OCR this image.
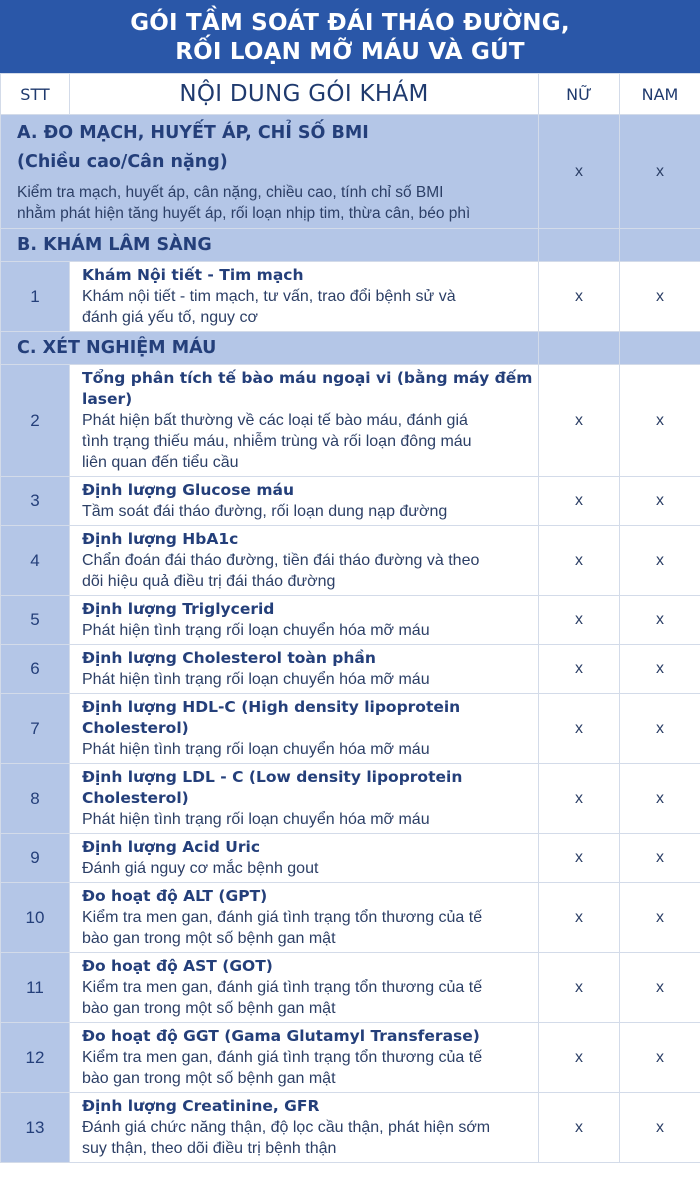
GÓI TẦM SOÁT ĐÁI THÁO ĐƯỜNG,
RỐI LOẠN MỠ MÁU VÀ GÚT
STT	NỘI DUNG GÓI KHÁM	NỮ	NAM

A. ĐO MẠCH, HUYẾT ÁP, CHỈ SỐ BMI
(Chiều cao/Cân nặng)
Kiểm tra mạch, huyết áp, cân nặng, chiều cao, tính chỉ số BMI
nhằm phát hiện tăng huyết áp, rối loạn nhịp tim, thừa cân, béo phì		x	x

B. KHÁM LÂM SÀNG			

1	Khám Nội tiết - Tim mạch
Khám nội tiết - tim mạch, tư vấn, trao đổi bệnh sử và
đánh giá yếu tố, nguy cơ	x	x

C. XÉT NGHIỆM MÁU			

2	Tổng phân tích tế bào máu ngoại vi (bằng máy đếm
laser)
Phát hiện bất thường về các loại tế bào máu, đánh giá
tình trạng thiếu máu, nhiễm trùng và rối loạn đông máu
liên quan đến tiểu cầu	x	x
3	Định lượng Glucose máu
Tầm soát đái tháo đường, rối loạn dung nạp đường	x	x
4	Định lượng HbA1c
Chẩn đoán đái tháo đường, tiền đái tháo đường và theo
dõi hiệu quả điều trị đái tháo đường	x	x
5	Định lượng Triglycerid
Phát hiện tình trạng rối loạn chuyển hóa mỡ máu	x	x
6	Định lượng Cholesterol toàn phần
Phát hiện tình trạng rối loạn chuyển hóa mỡ máu	x	x
7	Định lượng HDL-C (High density lipoprotein
Cholesterol)
Phát hiện tình trạng rối loạn chuyển hóa mỡ máu	x	x
8	Định lượng LDL - C (Low density lipoprotein
Cholesterol)
Phát hiện tình trạng rối loạn chuyển hóa mỡ máu	x	x
9	Định lượng Acid Uric
Đánh giá nguy cơ mắc bệnh gout	x	x
10	Đo hoạt độ ALT (GPT)
Kiểm tra men gan, đánh giá tình trạng tổn thương của tế
bào gan trong một số bệnh gan mật	x	x
11	Đo hoạt độ AST (GOT)
Kiểm tra men gan, đánh giá tình trạng tổn thương của tế
bào gan trong một số bệnh gan mật	x	x
12	Đo hoạt độ GGT (Gama Glutamyl Transferase)
Kiểm tra men gan, đánh giá tình trạng tổn thương của tế
bào gan trong một số bệnh gan mật	x	x
13	Định lượng Creatinine, GFR
Đánh giá chức năng thận, độ lọc cầu thận, phát hiện sớm
suy thận, theo dõi điều trị bệnh thận	x	x
